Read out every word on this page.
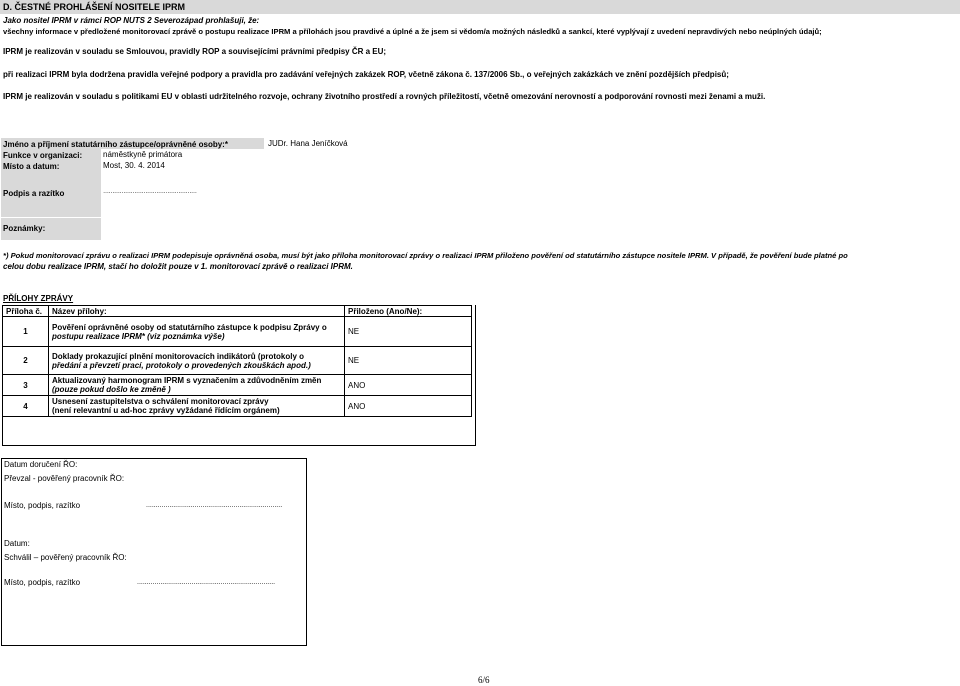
D. ČESTNÉ PROHLÁŠENÍ NOSITELE IPRM
Jako nositel IPRM v rámci ROP NUTS 2 Severozápad prohlašuji, že:
všechny informace v předložené monitorovací zprávě o postupu realizace IPRM a přílohách jsou pravdivé a úplné a že jsem si vědom/a možných následků a sankcí, které vyplývají z uvedení nepravdivých nebo neúplných údajů;
IPRM je realizován v souladu se Smlouvou, pravidly ROP a souvisejícími právními předpisy ČR a EU;
při realizaci IPRM byla dodržena pravidla veřejné podpory a pravidla pro zadávání veřejných zakázek ROP, včetně zákona č. 137/2006 Sb., o veřejných zakázkách ve znění pozdějších předpisů;
IPRM je realizován v souladu s politikami EU v oblasti udržitelného rozvoje, ochrany životního prostředí a rovných příležitostí, včetně omezování nerovností a podporování rovnosti mezi ženami a muži.
Jméno a příjmení statutárního zástupce/oprávněné osoby:*	JUDr. Hana Jeníčková
Funkce v organizaci:	náměstkyně primátora
Místo a datum:	Most, 30. 4. 2014
Podpis a razítko	……………………………………………
Poznámky:
*) Pokud monitorovací zprávu o realizaci IPRM podepisuje oprávněná osoba, musí být jako příloha monitorovací zprávy o realizaci IPRM přiloženo pověření od statutárního zástupce nositele IPRM. V případě, že pověření bude platné po
celou dobu realizace IPRM, stačí ho doložit pouze v 1. monitorovací zprávě o realizaci IPRM.
PŘÍLOHY ZPRÁVY
Příloha č.	Název přílohy:	Přiloženo (Ano/Ne):
1	Pověření oprávněné osoby od statutárního zástupce k podpisu Zprávy o
postupu realizace IPRM* (viz poznámka výše)	NE
2	Doklady prokazující plnění monitorovacích indikátorů (protokoly o
předání a převzetí prací, protokoly o provedených zkouškách apod.)	NE
3	Aktualizovaný harmonogram IPRM s vyznačením a zdůvodněním změn
(pouze pokud došlo ke změně )	ANO
4	Usnesení zastupitelstva o schválení monitorovací zprávy
(není relevantní u ad-hoc zprávy vyžádané řídícím orgánem)	ANO
Datum doručení ŘO:
Převzal - pověřený pracovník ŘO:
Místo, podpis, razítko	......................................................................
Datum:
Schválil – pověřený pracovník ŘO:
Místo, podpis, razítko	.......................................................................
6/6
